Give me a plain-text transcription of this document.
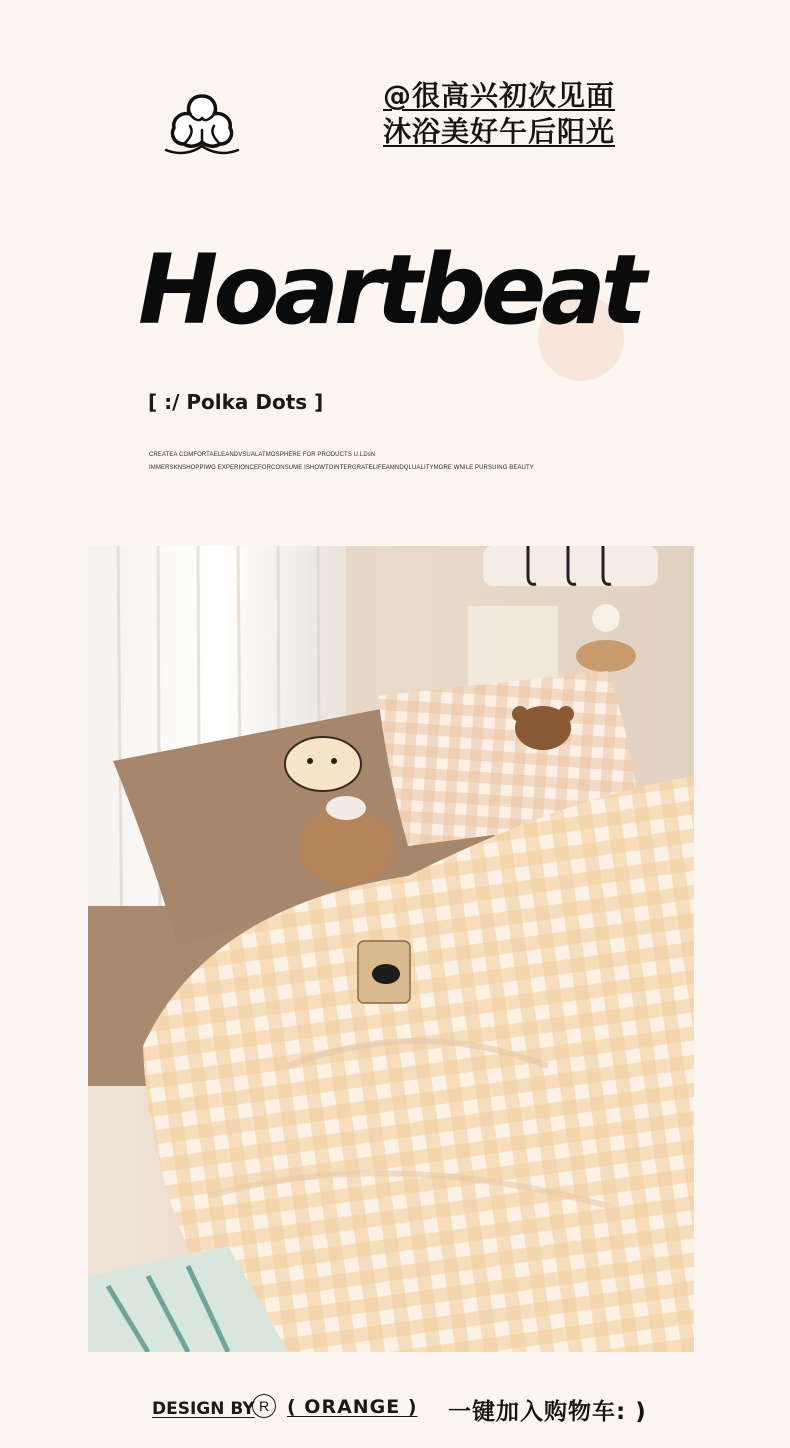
@很高兴初次见面
沐浴美好午后阳光
Hoartbeat
[ :/ Polka Dots ]
CREATEA COMFORTAELEANDVSUALATMOSPHERE FOR PRODUCTS U.LDsN
IMMERSKNSHOPPIWG EXPERIONCEFORCONSUME ISHOWTOINTERGRATELIFEAMNDQLUALITYMORE WNILE PURSUING BEAUTY
DESIGN BY R ( ORANGE ) 一键加入购物车: )
